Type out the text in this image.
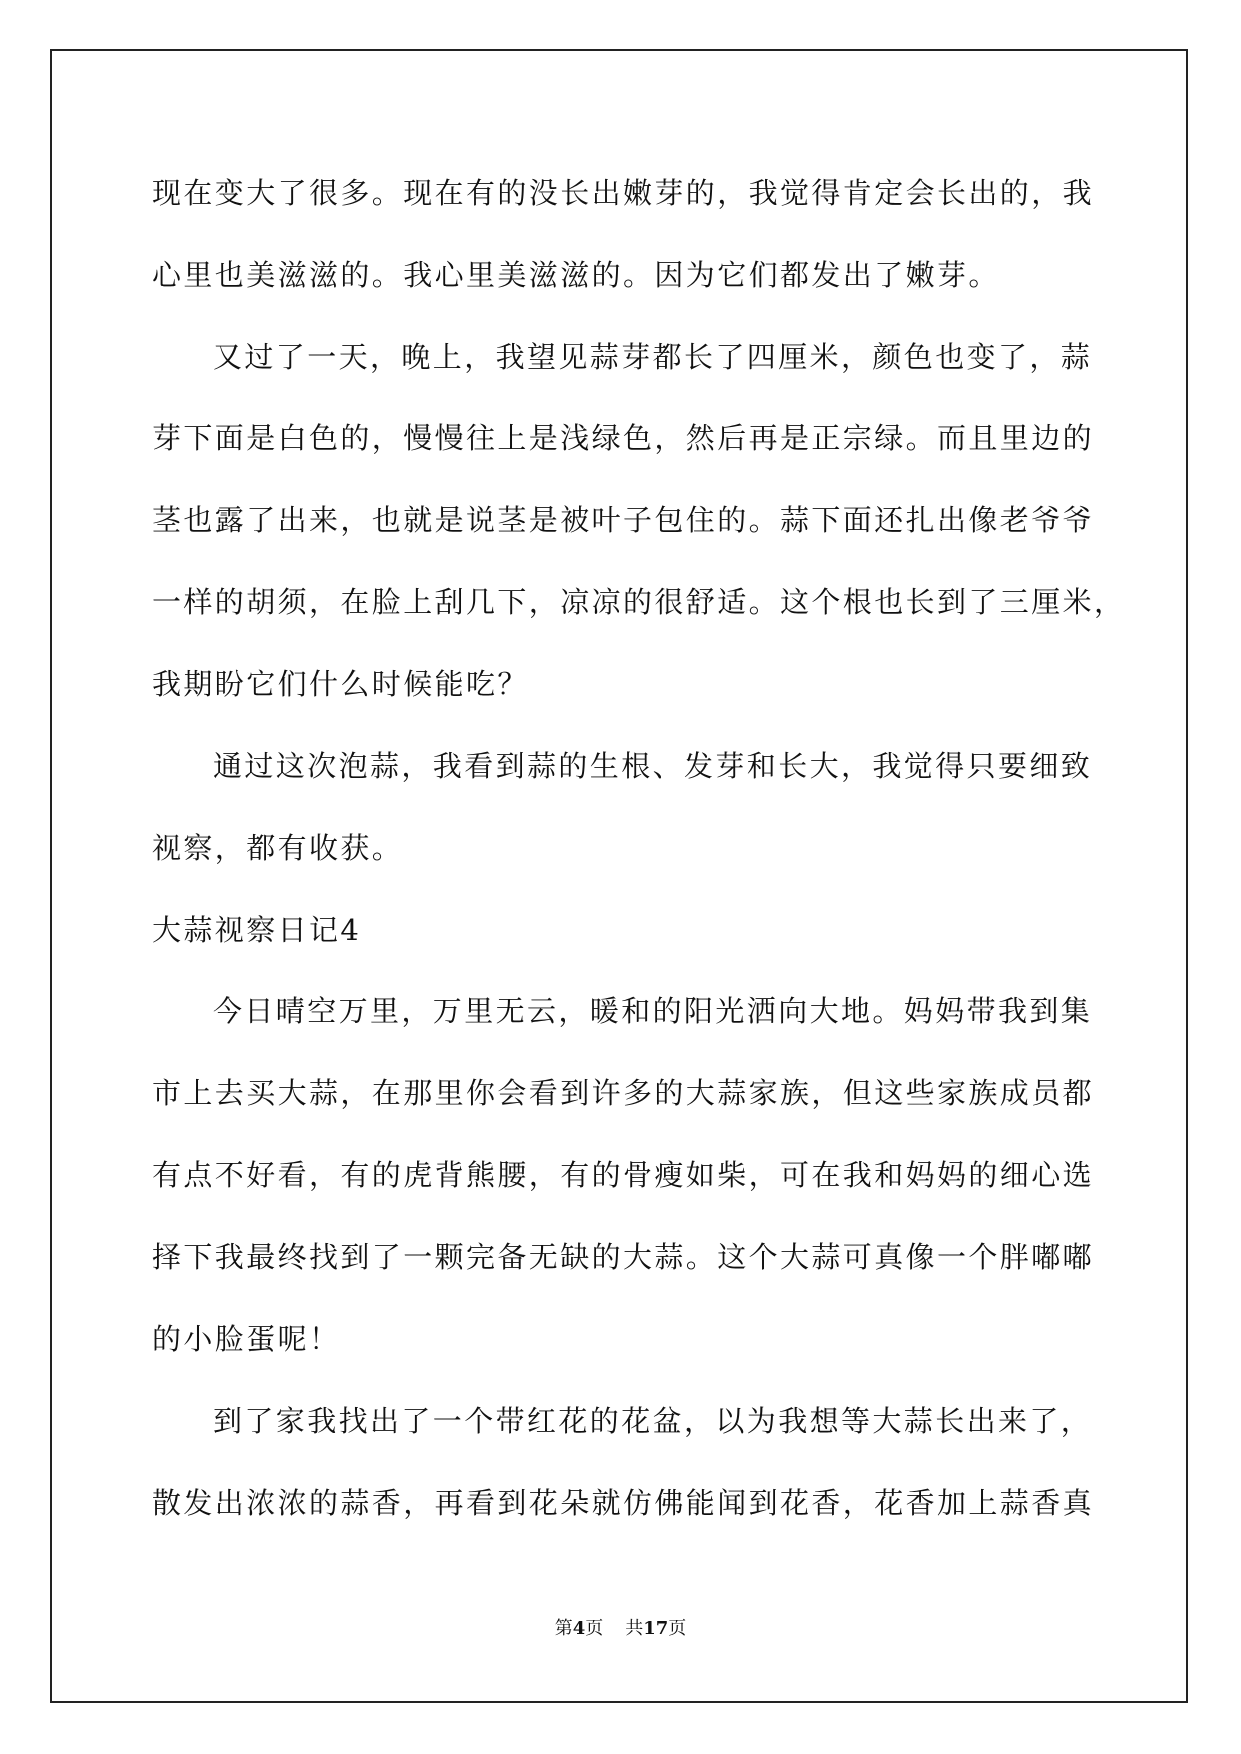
现在变大了很多。现在有的没长出嫩芽的，我觉得肯定会长出的，我
心里也美滋滋的。我心里美滋滋的。因为它们都发出了嫩芽。
又过了一天，晚上，我望见蒜芽都长了四厘米，颜色也变了，蒜
芽下面是白色的，慢慢往上是浅绿色，然后再是正宗绿。而且里边的
茎也露了出来，也就是说茎是被叶子包住的。蒜下面还扎出像老爷爷
一样的胡须，在脸上刮几下，凉凉的很舒适。这个根也长到了三厘米，
我期盼它们什么时候能吃？
通过这次泡蒜，我看到蒜的生根、发芽和长大，我觉得只要细致
视察，都有收获。
大蒜视察日记4
今日晴空万里，万里无云，暖和的阳光洒向大地。妈妈带我到集
市上去买大蒜，在那里你会看到许多的大蒜家族，但这些家族成员都
有点不好看，有的虎背熊腰，有的骨瘦如柴，可在我和妈妈的细心选
择下我最终找到了一颗完备无缺的大蒜。这个大蒜可真像一个胖嘟嘟
的小脸蛋呢！
到了家我找出了一个带红花的花盆，以为我想等大蒜长出来了，
散发出浓浓的蒜香，再看到花朵就仿佛能闻到花香，花香加上蒜香真
第4页 共17页
